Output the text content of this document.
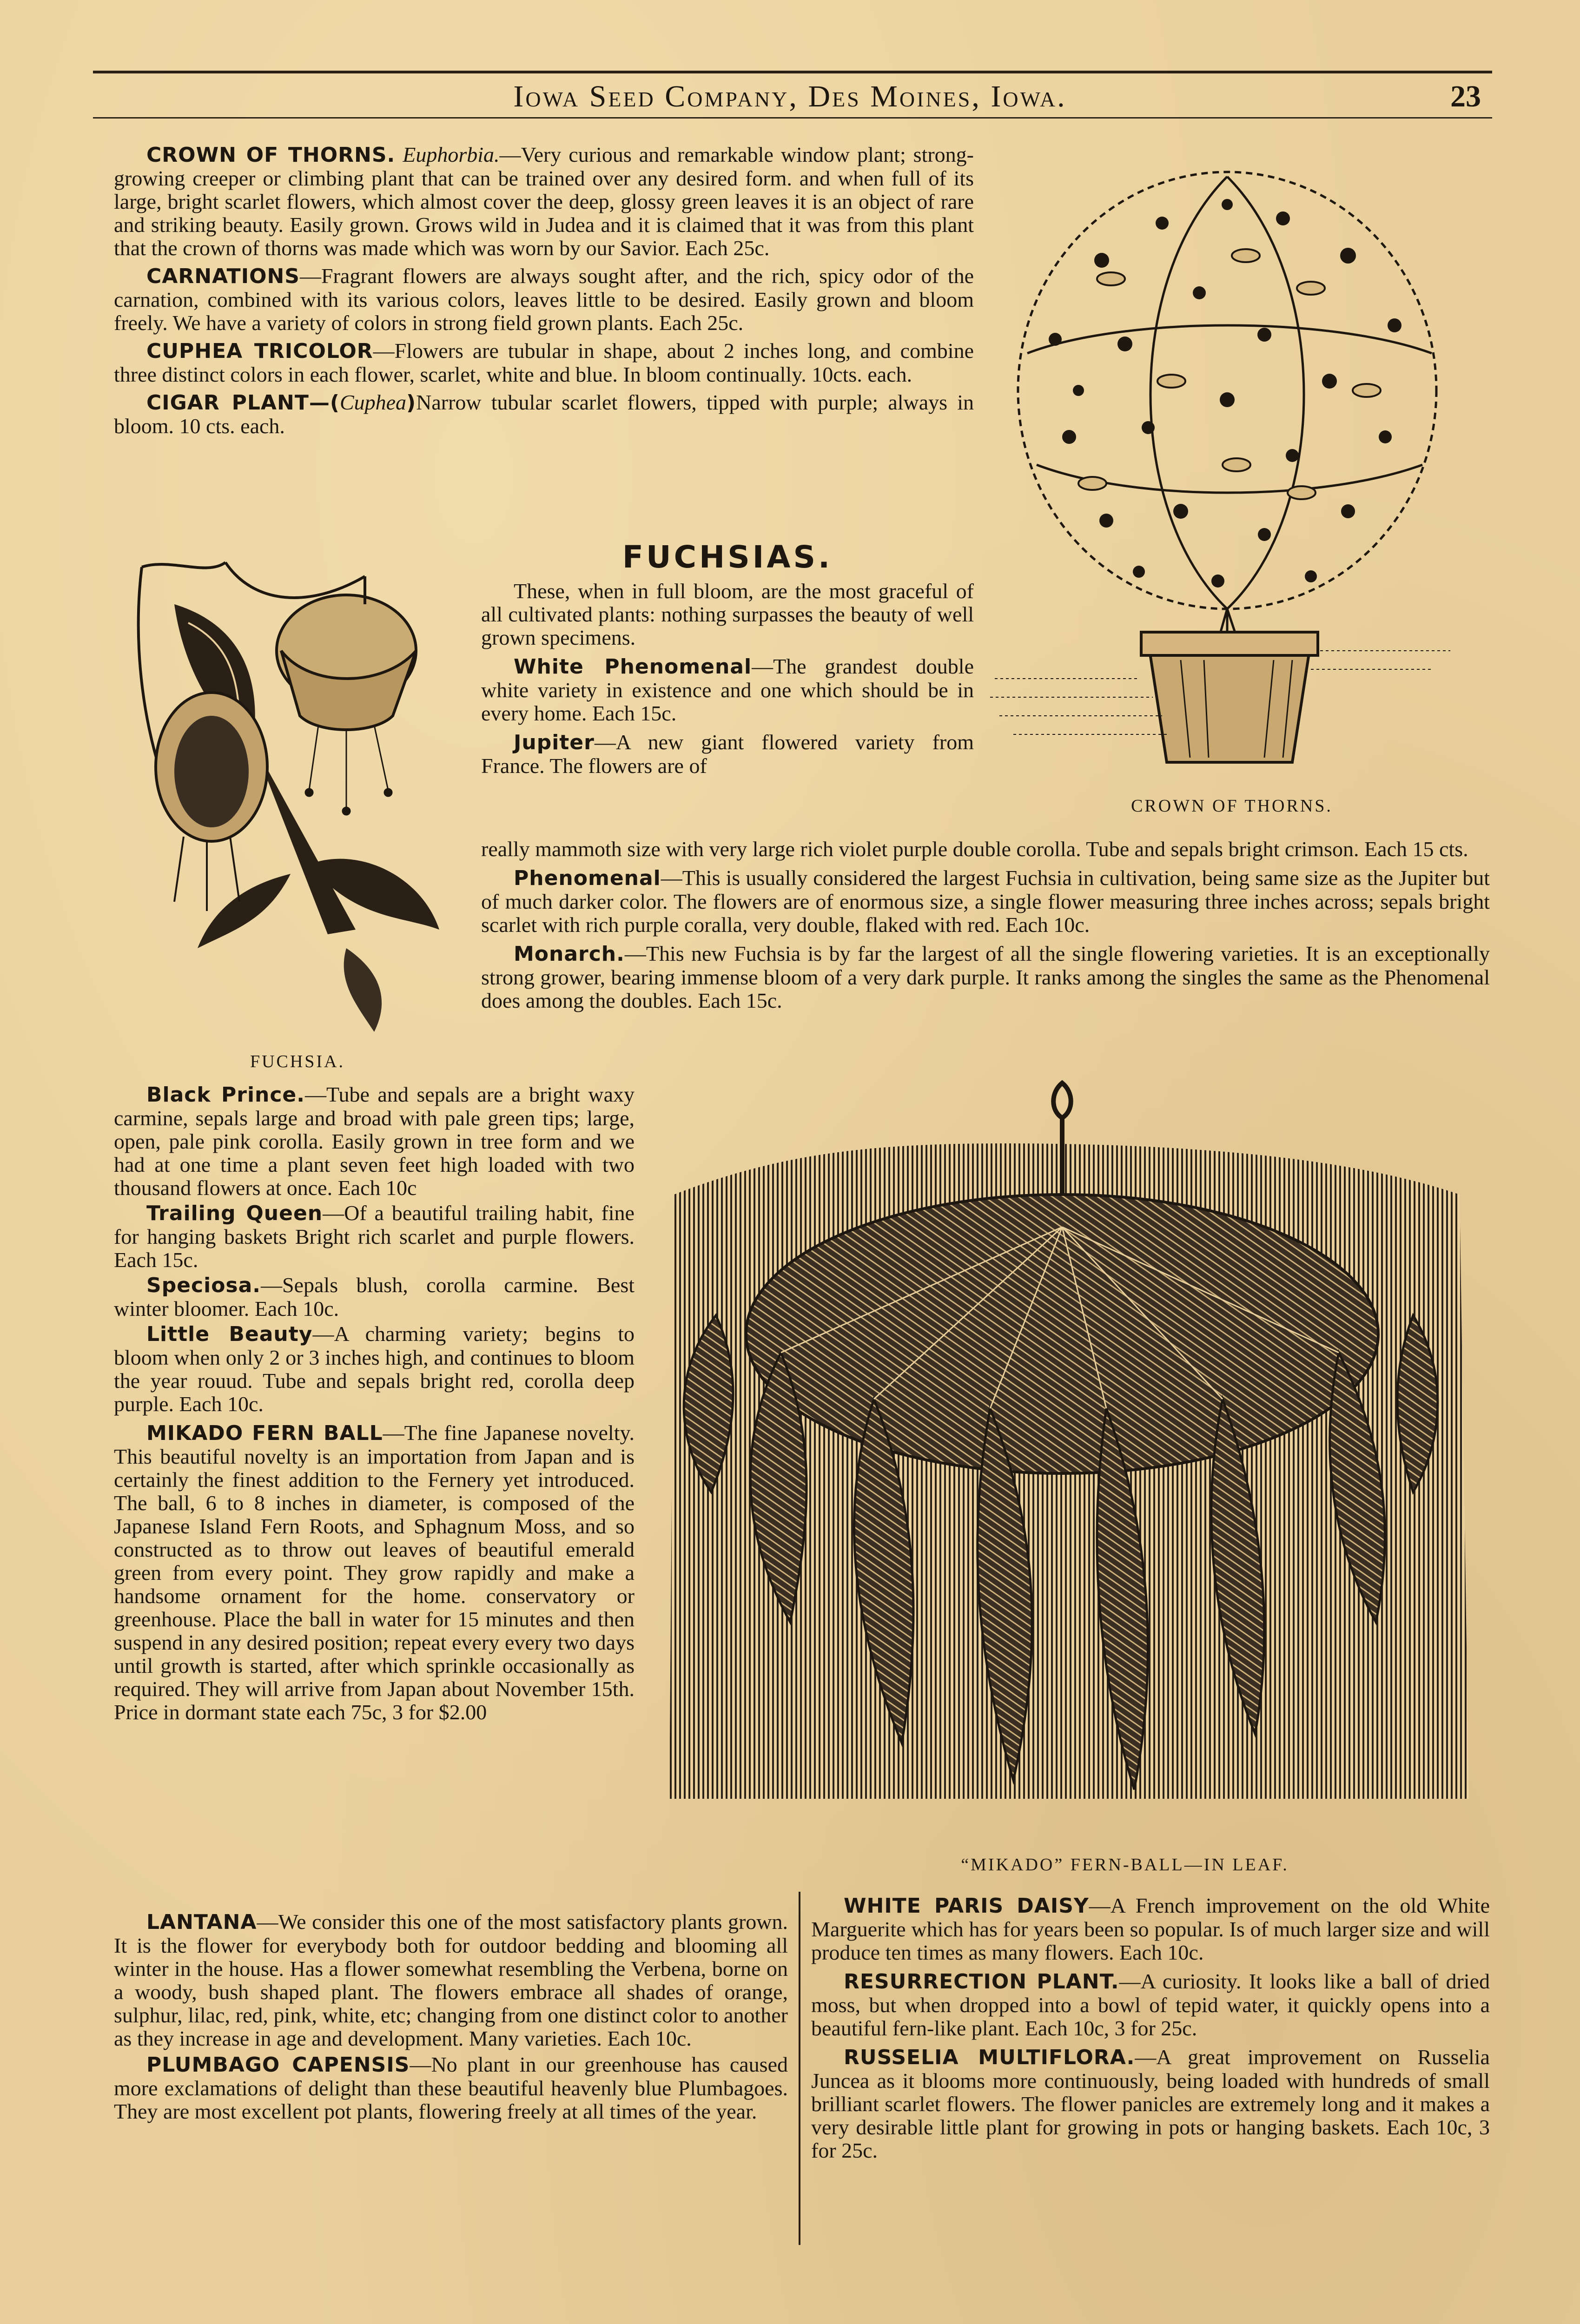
Iowa Seed Company, Des Moines, Iowa.	23

CROWN OF THORNS. Euphorbia.—Very curious and remarkable window plant; strong-growing creeper or climbing plant that can be trained over any desired form. and when full of its large, bright scarlet flowers, which almost cover the deep, glossy green leaves it is an object of rare and striking beauty. Easily grown. Grows wild in Judea and it is claimed that it was from this plant that the crown of thorns was made which was worn by our Savior. Each 25c.

CARNATIONS—Fragrant flowers are always sought after, and the rich, spicy odor of the carnation, combined with its various colors, leaves little to be desired. Easily grown and bloom freely. We have a variety of colors in strong field grown plants. Each 25c.

CUPHEA TRICOLOR—Flowers are tubular in shape, about 2 inches long, and combine three distinct colors in each flower, scarlet, white and blue. In bloom continually. 10cts. each.

CIGAR PLANT—(Cuphea)Narrow tubular scarlet flowers, tipped with purple; always in bloom. 10 cts. each.

CROWN OF THORNS.
FUCHSIA.
FUCHSIAS.

These, when in full bloom, are the most graceful of all cultivated plants: nothing surpasses the beauty of well grown specimens.

White Phenomenal—The grandest double white variety in existence and one which should be in every home. Each 15c.

Jupiter—A new giant flowered variety from France. The flowers are of

really mammoth size with very large rich violet purple double corolla. Tube and sepals bright crimson. Each 15 cts.

Phenomenal—This is usually considered the largest Fuchsia in cultivation, being same size as the Jupiter but of much darker color. The flowers are of enormous size, a single flower measuring three inches across; sepals bright scarlet with rich purple coralla, very double, flaked with red. Each 10c.

Monarch.—This new Fuchsia is by far the largest of all the single flowering varieties. It is an exceptionally strong grower, bearing immense bloom of a very dark purple. It ranks among the singles the same as the Phenomenal does among the doubles. Each 15c.

Black Prince.—Tube and sepals are a bright waxy carmine, sepals large and broad with pale green tips; large, open, pale pink corolla. Easily grown in tree form and we had at one time a plant seven feet high loaded with two thousand flowers at once. Each 10c

Trailing Queen—Of a beautiful trailing habit, fine for hanging baskets Bright rich scarlet and purple flowers. Each 15c.

Speciosa.—Sepals blush, corolla carmine. Best winter bloomer. Each 10c.

Little Beauty—A charming variety; begins to bloom when only 2 or 3 inches high, and continues to bloom the year rouud. Tube and sepals bright red, corolla deep purple. Each 10c.

MIKADO FERN BALL—The fine Japanese novelty. This beautiful novelty is an importation from Japan and is certainly the finest addition to the Fernery yet introduced. The ball, 6 to 8 inches in diameter, is composed of the Japanese Island Fern Roots, and Sphagnum Moss, and so constructed as to throw out leaves of beautiful emerald green from every point. They grow rapidly and make a handsome ornament for the home. conservatory or greenhouse. Place the ball in water for 15 minutes and then suspend in any desired position; repeat every every two days until growth is started, after which sprinkle occasionally as required. They will arrive from Japan about November 15th. Price in dormant state each 75c, 3 for $2.00

“MIKADO” FERN-BALL—IN LEAF.

LANTANA—We consider this one of the most satisfactory plants grown. It is the flower for everybody both for outdoor bedding and blooming all winter in the house. Has a flower somewhat resembling the Verbena, borne on a woody, bush shaped plant. The flowers embrace all shades of orange, sulphur, lilac, red, pink, white, etc; changing from one distinct color to another as they increase in age and development. Many varieties. Each 10c.

PLUMBAGO CAPENSIS—No plant in our greenhouse has caused more exclamations of delight than these beautiful heavenly blue Plumbagoes. They are most excellent pot plants, flowering freely at all times of the year.

WHITE PARIS DAISY—A French improvement on the old White Marguerite which has for years been so popular. Is of much larger size and will produce ten times as many flowers. Each 10c.

RESURRECTION PLANT.—A curiosity. It looks like a ball of dried moss, but when dropped into a bowl of tepid water, it quickly opens into a beautiful fern-like plant. Each 10c, 3 for 25c.

RUSSELIA MULTIFLORA.—A great improvement on Russelia Juncea as it blooms more continuously, being loaded with hundreds of small brilliant scarlet flowers. The flower panicles are extremely long and it makes a very desirable little plant for growing in pots or hanging baskets. Each 10c, 3 for 25c.
